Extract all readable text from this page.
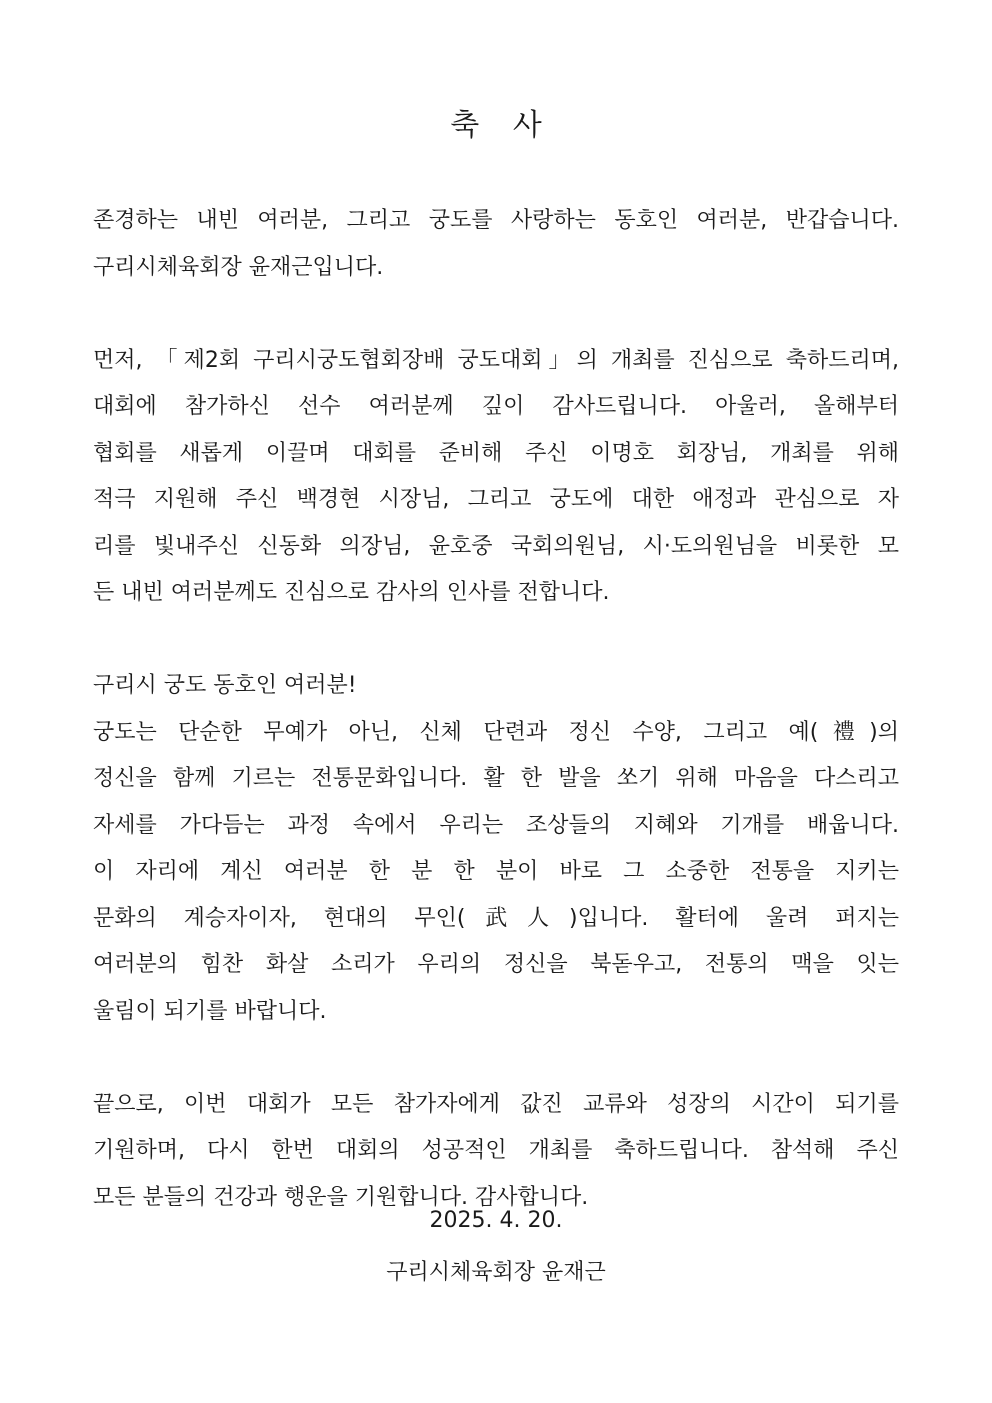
축 사
존경하는 내빈 여러분, 그리고 궁도를 사랑하는 동호인 여러분, 반갑습니다.
구리시체육회장 윤재근입니다.
먼저, 「제2회 구리시궁도협회장배 궁도대회」의 개최를 진심으로 축하드리며,
대회에 참가하신 선수 여러분께 깊이 감사드립니다. 아울러, 올해부터
협회를 새롭게 이끌며 대회를 준비해 주신 이명호 회장님, 개최를 위해
적극 지원해 주신 백경현 시장님, 그리고 궁도에 대한 애정과 관심으로 자
리를 빛내주신 신동화 의장님, 윤호중 국회의원님, 시·도의원님을 비롯한 모
든 내빈 여러분께도 진심으로 감사의 인사를 전합니다.
구리시 궁도 동호인 여러분!
궁도는 단순한 무예가 아닌, 신체 단련과 정신 수양, 그리고 예(禮)의
정신을 함께 기르는 전통문화입니다. 활 한 발을 쏘기 위해 마음을 다스리고
자세를 가다듬는 과정 속에서 우리는 조상들의 지혜와 기개를 배웁니다.
이 자리에 계신 여러분 한 분 한 분이 바로 그 소중한 전통을 지키는
문화의 계승자이자, 현대의 무인(武人)입니다. 활터에 울려 퍼지는
여러분의 힘찬 화살 소리가 우리의 정신을 북돋우고, 전통의 맥을 잇는
울림이 되기를 바랍니다.
끝으로, 이번 대회가 모든 참가자에게 값진 교류와 성장의 시간이 되기를
기원하며, 다시 한번 대회의 성공적인 개최를 축하드립니다. 참석해 주신
모든 분들의 건강과 행운을 기원합니다. 감사합니다.
2025. 4. 20.
구리시체육회장 윤재근
